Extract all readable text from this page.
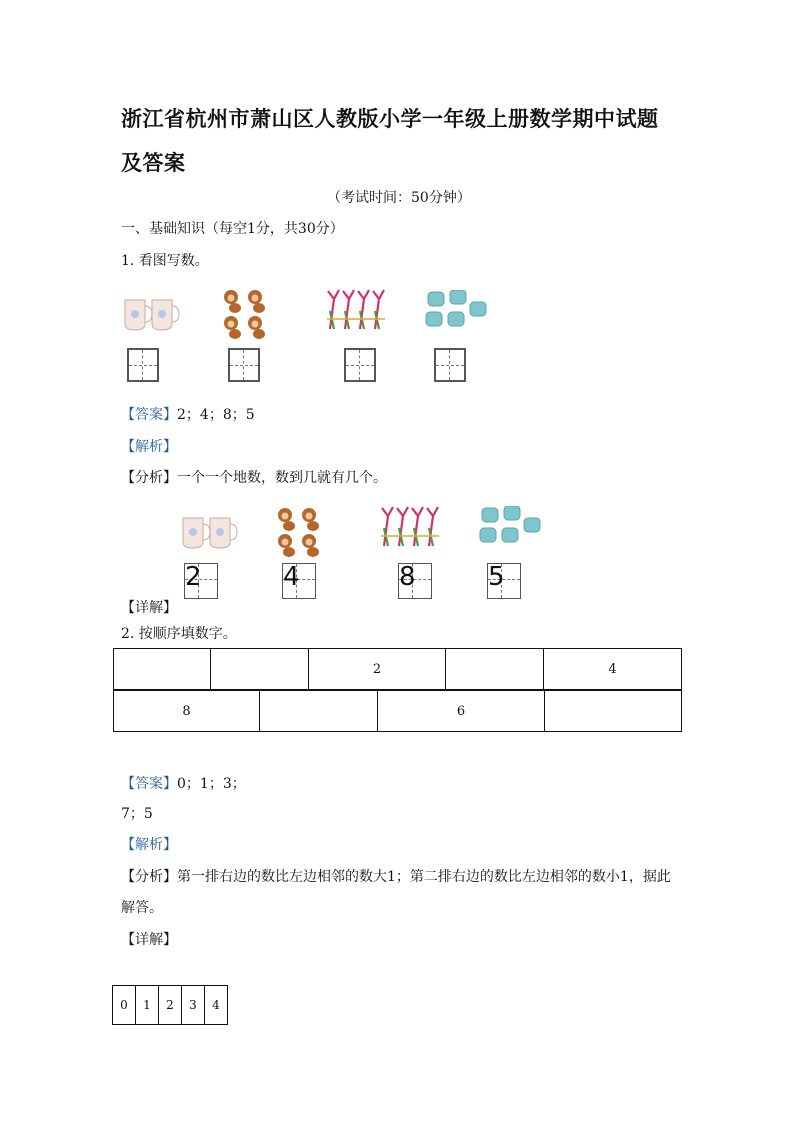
浙江省杭州市萧山区人教版小学一年级上册数学期中试题
及答案
（考试时间：50分钟）
一、基础知识（每空1分，共30分）
1. 看图写数。
【答案】2；4；8；5
【解析】
【分析】一个一个地数，数到几就有几个。
2	4	8	5
【详解】
2. 按顺序填数字。
		2		4
8		6	
【答案】0；1；3；
7；5
【解析】
【分析】第一排右边的数比左边相邻的数大1；第二排右边的数比左边相邻的数小1，据此
解答。
【详解】
0	1	2	3	4
